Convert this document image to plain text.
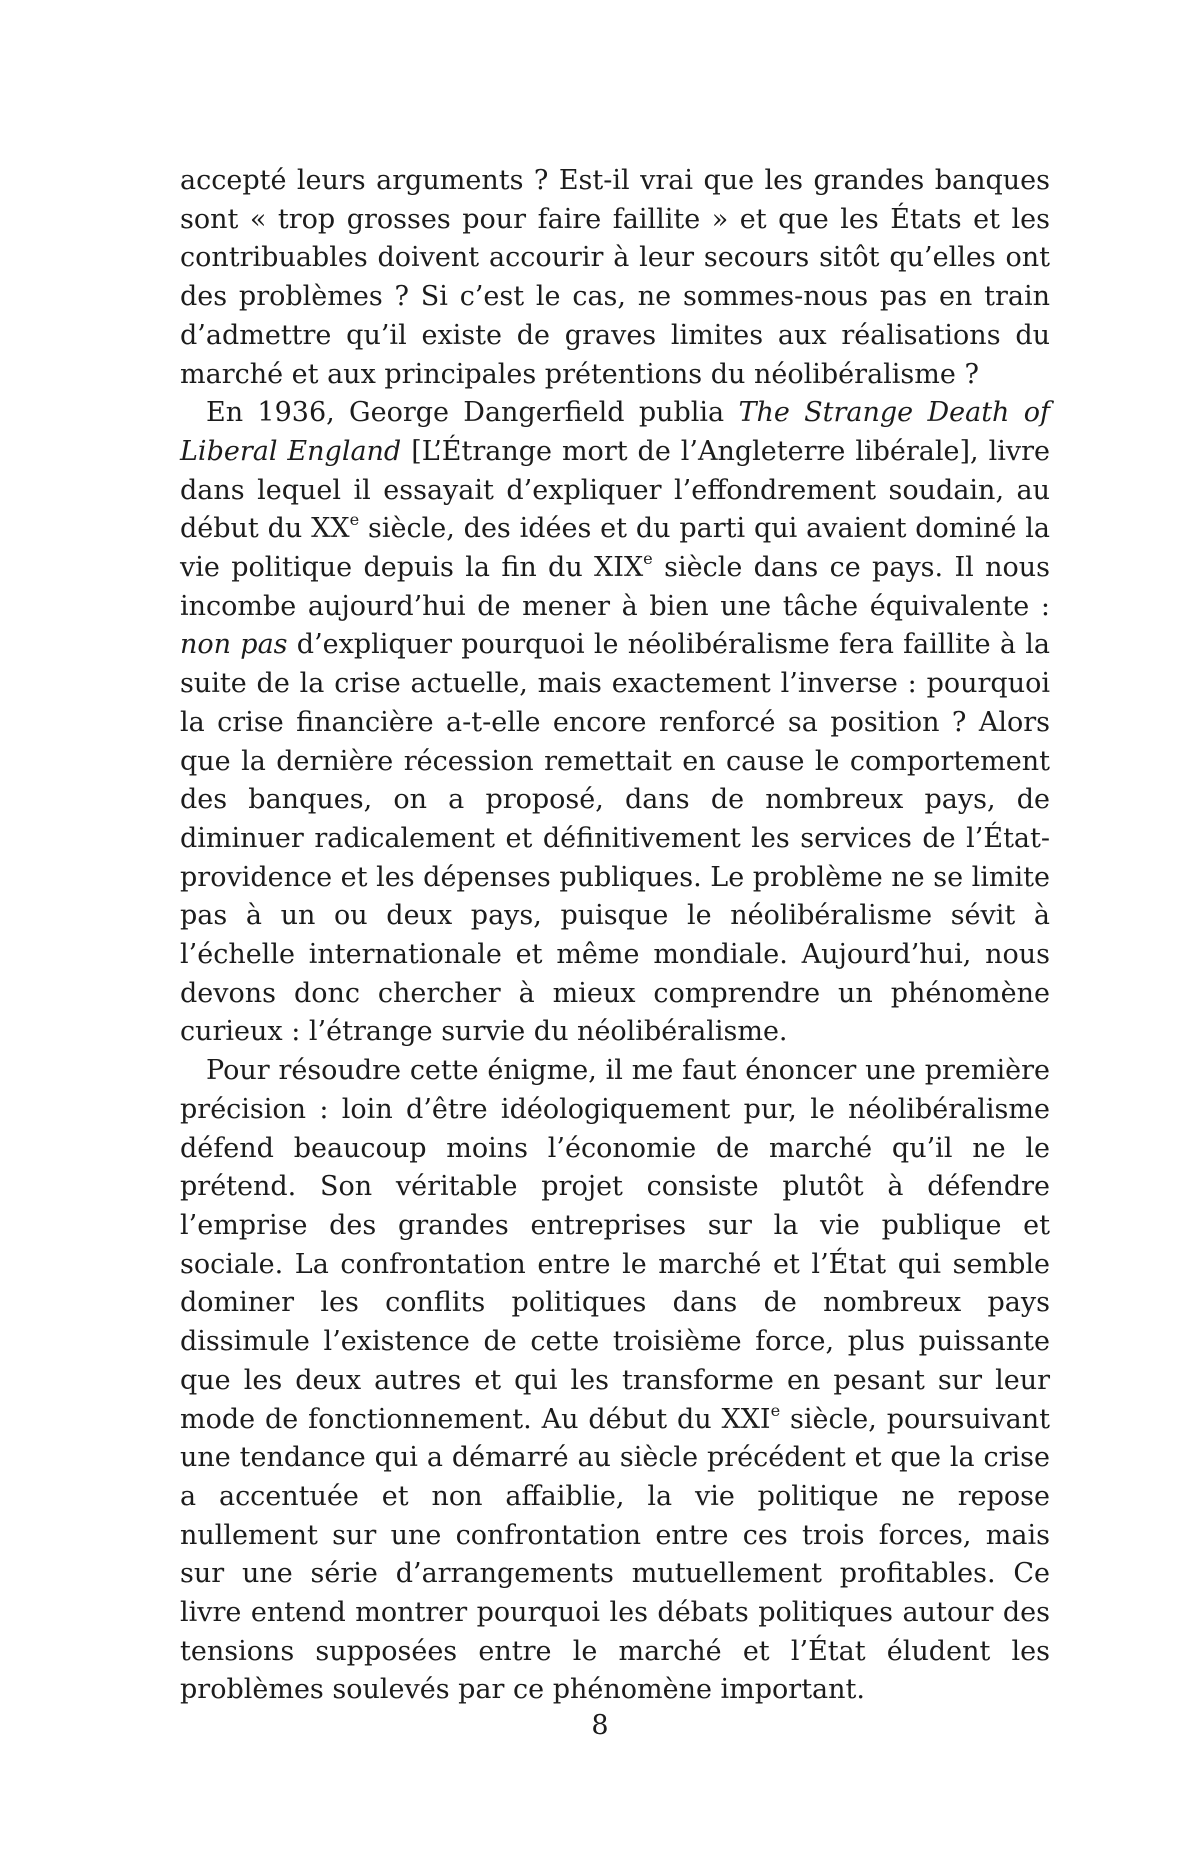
accepté leurs arguments ? Est-il vrai que les grandes banques sont « trop grosses pour faire faillite » et que les États et les contribuables doivent accourir à leur secours sitôt qu’elles ont des problèmes ? Si c’est le cas, ne sommes-nous pas en train d’admettre qu’il existe de graves limites aux réalisations du marché et aux principales prétentions du néolibéralisme ?

En 1936, George Dangerfield publia The Strange Death of Liberal England [L’Étrange mort de l’Angleterre libérale], livre dans lequel il essayait d’expliquer l’effondrement soudain, au début du XXe siècle, des idées et du parti qui avaient dominé la vie politique depuis la fin du XIXe siècle dans ce pays. Il nous incombe aujourd’hui de mener à bien une tâche équivalente : non pas d’expliquer pourquoi le néolibéralisme fera faillite à la suite de la crise actuelle, mais exactement l’inverse : pourquoi la crise financière a-t-elle encore renforcé sa position ? Alors que la dernière récession remettait en cause le comportement des banques, on a proposé, dans de nombreux pays, de diminuer radicalement et définitivement les services de l’État-providence et les dépenses publiques. Le problème ne se limite pas à un ou deux pays, puisque le néolibéralisme sévit à l’échelle internationale et même mondiale. Aujourd’hui, nous devons donc chercher à mieux comprendre un phénomène curieux : l’étrange survie du néolibéralisme.

Pour résoudre cette énigme, il me faut énoncer une première précision : loin d’être idéologiquement pur, le néolibéralisme défend beaucoup moins l’économie de marché qu’il ne le prétend. Son véritable projet consiste plutôt à défendre l’emprise des grandes entreprises sur la vie publique et sociale. La confrontation entre le marché et l’État qui semble dominer les conflits politiques dans de nombreux pays dissimule l’existence de cette troisième force, plus puissante que les deux autres et qui les transforme en pesant sur leur mode de fonctionnement. Au début du XXIe siècle, poursuivant une tendance qui a démarré au siècle précédent et que la crise a accentuée et non affaiblie, la vie politique ne repose nullement sur une confrontation entre ces trois forces, mais sur une série d’arrangements mutuellement profitables. Ce livre entend montrer pourquoi les débats politiques autour des tensions supposées entre le marché et l’État éludent les problèmes soulevés par ce phénomène important.

8
